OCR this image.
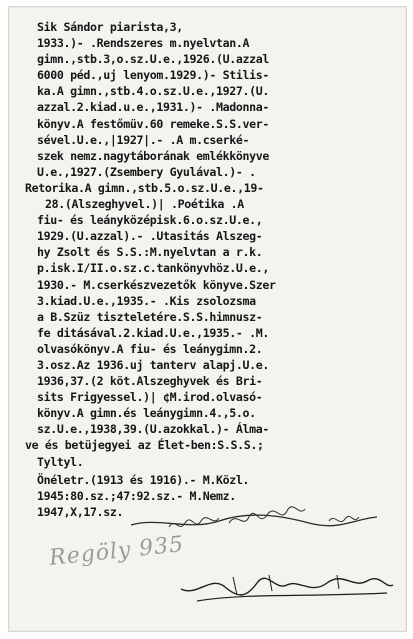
Sik Sándor piarista,3,
1933.)- .Rendszeres m.nyelvtan.A
gimn.,stb.3,o.sz.U.e.,1926.(U.azzal
6000 péd.,uj lenyom.1929.)- Stilis-
ka.A gimn.,stb.4.o.sz.U.e.,1927.(U.
azzal.2.kiad.u.e.,1931.)- .Madonna-
könyv.A festőmüv.60 remeke.S.S.ver-
sével.U.e.,|1927|.- .A m.cserké-
szek nemz.nagytáborának emlékkönyve
U.e.,1927.(Zsembery Gyulával.)- .
Retorika.A gimn.,stb.5.o.sz.U.e.,19-
28.(Alszeghyvel.)| .Poétika .A
fiu- és leányközépisk.6.o.sz.U.e.,
1929.(U.azzal).- .Utasitás Alszeg-
hy Zsolt és S.S.:M.nyelvtan a r.k.
p.isk.I/II.o.sz.c.tankönyvhöz.U.e.,
1930.- M.cserkészvezetők könyve.Szer
3.kiad.U.e.,1935.- .Kis zsolozsma
a B.Szüz tiszteletére.S.S.himnusz-
fe ditásával.2.kiad.U.e.,1935.- .M.
olvasókönyv.A fiu- és leánygimn.2.
3.osz.Az 1936.uj tanterv alapj.U.e.
1936,37.(2 köt.Alszeghyvek és Bri-
sits Frigyessel.)| ¢M.irod.olvasó-
könyv.A gimn.és leánygimn.4.,5.o.
sz.U.e.,1938,39.(U.azokkal.)- Álma-
ve és betüjegyei az Élet-ben:S.S.S.;
Tyltyl.
Önéletr.(1913 és 1916).- M.Közl.
1945:80.sz.;47:92.sz.- M.Nemz.
1947,X,17.sz.
Regöly 935
